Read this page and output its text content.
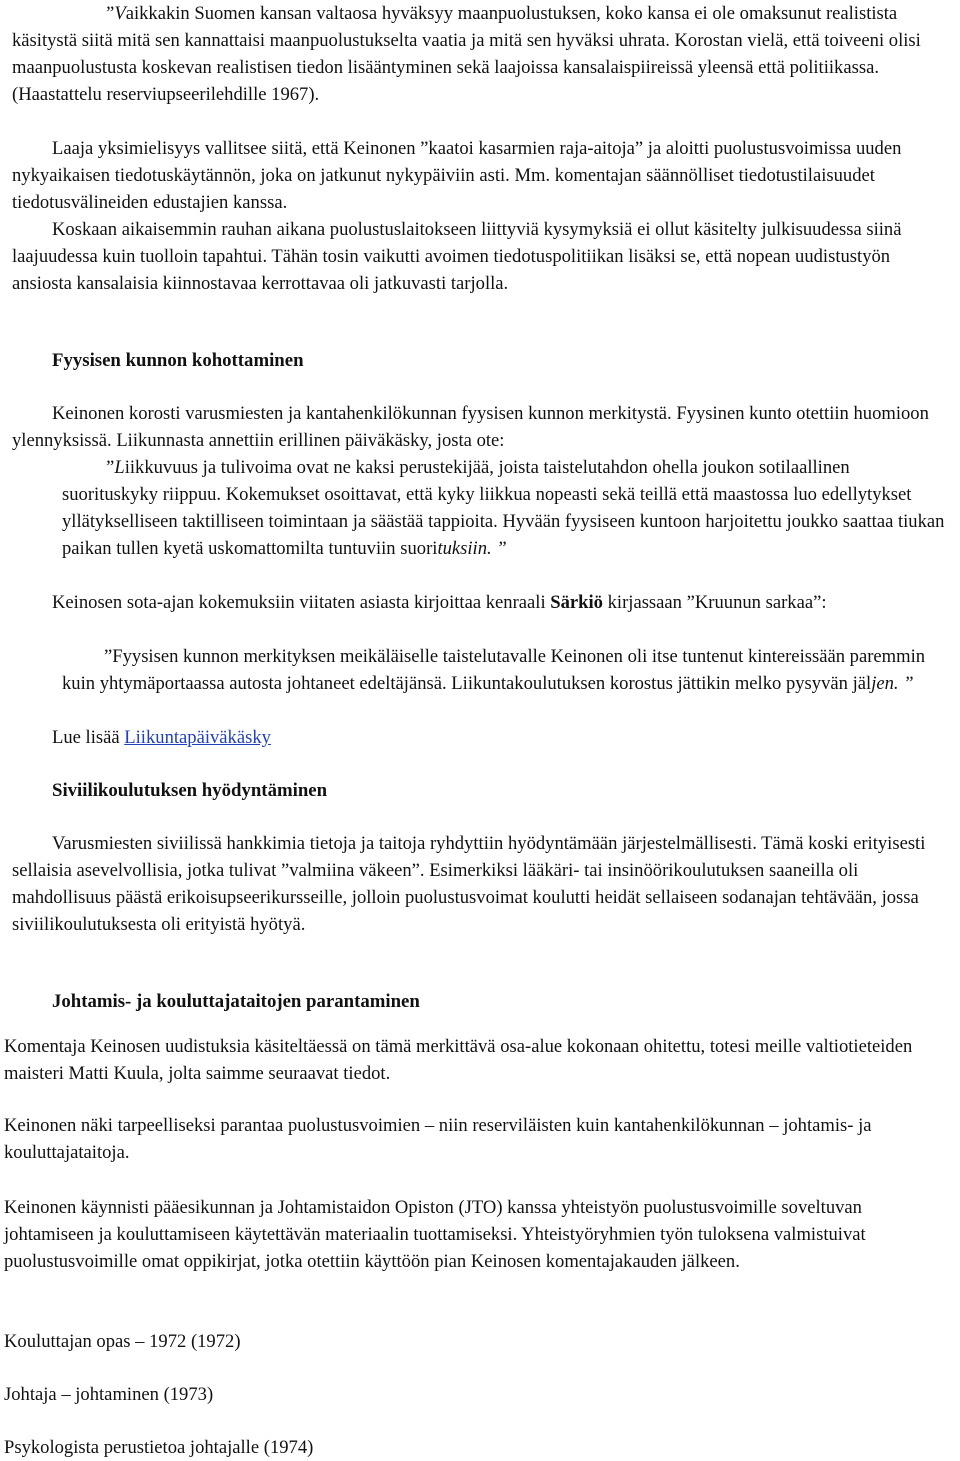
”Vaikkakin Suomen kansan valtaosa hyväksyy maanpuolustuksen, koko kansa ei ole omaksunut realistista käsitystä siitä mitä sen kannattaisi maanpuolustukselta vaatia ja mitä sen hyväksi uhrata. Korostan vielä, että toiveeni olisi maanpuolustusta koskevan realistisen tiedon lisääntyminen sekä laajoissa kansalaispiireissä yleensä että politiikassa. (Haastattelu reserviupseerilehdille 1967).

Laaja yksimielisyys vallitsee siitä, että Keinonen ”kaatoi kasarmien raja-aitoja” ja aloitti puolustusvoimissa uuden nykyaikaisen tiedotuskäytännön, joka on jatkunut nykypäiviin asti. Mm. komentajan säännölliset tiedotustilaisuudet tiedotusvälineiden edustajien kanssa.

Koskaan aikaisemmin rauhan aikana puolustuslaitokseen liittyviä kysymyksiä ei ollut käsitelty julkisuudessa siinä laajuudessa kuin tuolloin tapahtui. Tähän tosin vaikutti avoimen tiedotuspolitiikan lisäksi se, että nopean uudistustyön ansiosta kansalaisia kiinnostavaa kerrottavaa oli jatkuvasti tarjolla.

Fyysisen kunnon kohottaminen

Keinonen korosti varusmiesten ja kantahenkilökunnan fyysisen kunnon merkitystä. Fyysinen kunto otettiin huomioon ylennyksissä. Liikunnasta annettiin erillinen päiväkäsky, josta ote:

”Liikkuvuus ja tulivoima ovat ne kaksi perustekijää, joista taistelutahdon ohella joukon sotilaallinen suorituskyky riippuu. Kokemukset osoittavat, että kyky liikkua nopeasti sekä teillä että maastossa luo edellytykset yllätykselliseen taktilliseen toimintaan ja säästää tappioita. Hyvään fyysiseen kuntoon harjoitettu joukko saattaa tiukan paikan tullen kyetä uskomattomilta tuntuviin suorituksiin. ”

Keinosen sota-ajan kokemuksiin viitaten asiasta kirjoittaa kenraali Särkiö kirjassaan ”Kruunun sarkaa”:

”Fyysisen kunnon merkityksen meikäläiselle taistelutavalle Keinonen oli itse tuntenut kintereissään paremmin kuin yhtymäportaassa autosta johtaneet edeltäjänsä. Liikuntakoulutuksen korostus jättikin melko pysyvän jäljen. ”

Lue lisää Liikuntapäiväkäsky

Siviilikoulutuksen hyödyntäminen

Varusmiesten siviilissä hankkimia tietoja ja taitoja ryhdyttiin hyödyntämään järjestelmällisesti. Tämä koski erityisesti sellaisia asevelvollisia, jotka tulivat ”valmiina väkeen”. Esimerkiksi lääkäri- tai insinöörikoulutuksen saaneilla oli mahdollisuus päästä erikoisupseerikursseille, jolloin puolustusvoimat koulutti heidät sellaiseen sodanajan tehtävään, jossa siviilikoulutuksesta oli erityistä hyötyä.

Johtamis- ja kouluttajataitojen parantaminen

Komentaja Keinosen uudistuksia käsiteltäessä on tämä merkittävä osa-alue kokonaan ohitettu, totesi meille valtiotieteiden maisteri Matti Kuula, jolta saimme seuraavat tiedot.

Keinonen näki tarpeelliseksi parantaa puolustusvoimien – niin reserviläisten kuin kantahenkilökunnan – johtamis- ja kouluttajataitoja.

Keinonen käynnisti pääesikunnan ja Johtamistaidon Opiston (JTO) kanssa yhteistyön puolustusvoimille soveltuvan johtamiseen ja kouluttamiseen käytettävän materiaalin tuottamiseksi. Yhteistyöryhmien työn tuloksena valmistuivat puolustusvoimille omat oppikirjat, jotka otettiin käyttöön pian Keinosen komentajakauden jälkeen.

Kouluttajan opas – 1972 (1972)
Johtaja – johtaminen (1973)
Psykologista perustietoa johtajalle (1974)
